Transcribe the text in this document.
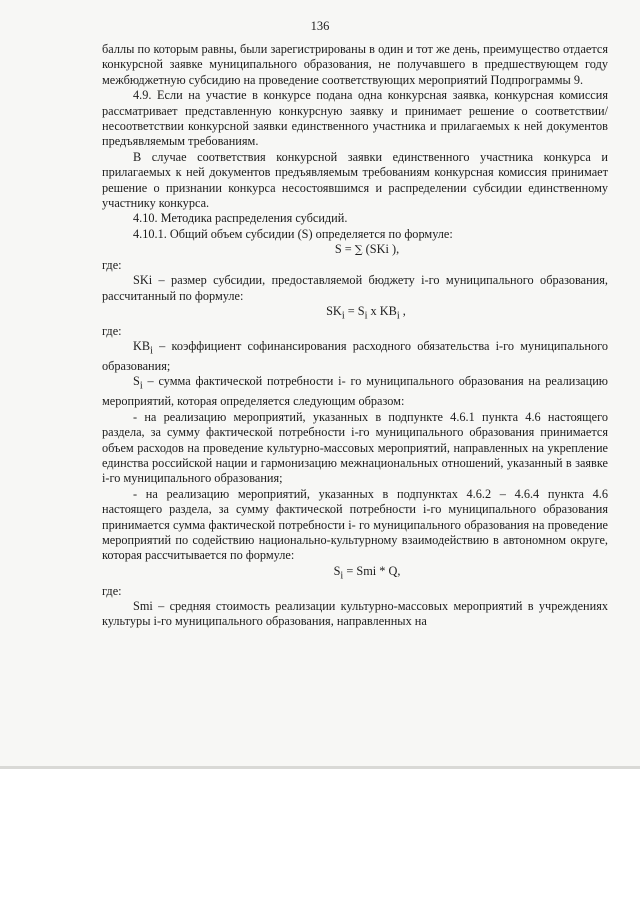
136

баллы по которым равны, были зарегистрированы в один и тот же день, преимущество отдается конкурсной заявке муниципального образования, не получавшего в предшествующем году межбюджетную субсидию на проведение соответствующих мероприятий Подпрограммы 9.

4.9. Если на участие в конкурсе подана одна конкурсная заявка, конкурсная комиссия рассматривает представленную конкурсную заявку и принимает решение о соответствии/несоответствии конкурсной заявки единственного участника и прилагаемых к ней документов предъявляемым требованиям.

В случае соответствия конкурсной заявки единственного участника конкурса и прилагаемых к ней документов предъявляемым требованиям конкурсная комиссия принимает решение о признании конкурса несостоявшимся и распределении субсидии единственному участнику конкурса.

4.10. Методика распределения субсидий.

4.10.1. Общий объем субсидии (S) определяется по формуле:

S = ∑ (SKi ),

где:

SKi – размер субсидии, предоставляемой бюджету i-го муниципального образования, рассчитанный по формуле:

$SK_i = S_i$ х $KB_i$ ,

где:

$KB_i$ – коэффициент софинансирования расходного обязательства i-го муниципального образования;

$S_i$ – сумма фактической потребности i- го муниципального образования на реализацию мероприятий, которая определяется следующим образом:

- на реализацию мероприятий, указанных в подпункте 4.6.1 пункта 4.6 настоящего раздела, за сумму фактической потребности i-го муниципального образования принимается объем расходов на проведение культурно-массовых мероприятий, направленных на укрепление единства российской нации и гармонизацию межнациональных отношений, указанный в заявке i-го муниципального образования;

- на реализацию мероприятий, указанных в подпунктах 4.6.2 – 4.6.4 пункта 4.6 настоящего раздела, за сумму фактической потребности i-го муниципального образования принимается сумма фактической потребности i- го муниципального образования на проведение мероприятий по содействию национально-культурному взаимодействию в автономном округе, которая рассчитывается по формуле:

$S_i$ = Smi * Q,

где:

Smi – средняя стоимость реализации культурно-массовых мероприятий в учреждениях культуры i-го муниципального образования, направленных на
